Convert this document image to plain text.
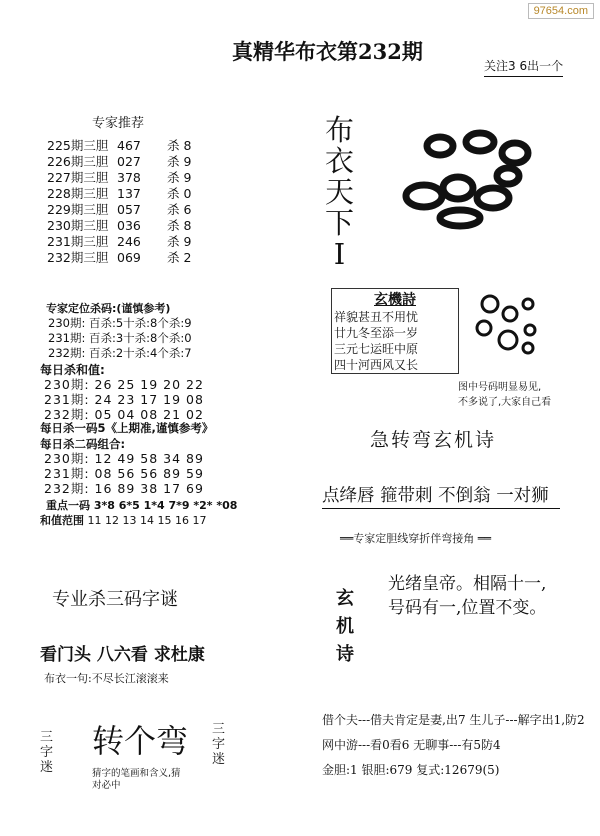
97654.com
真精华布衣第232期
关注3 6出一个
专家推荐
225期三胆 467 杀 8
226期三胆 027 杀 9
227期三胆 378 杀 9
228期三胆 137 杀 0
229期三胆 057 杀 6
230期三胆 036 杀 8
231期三胆 246 杀 9
232期三胆 069 杀 2
布
衣
天
下
I
玄機詩
祥貌甚丑不用忧
廿九冬至添一岁
三元七运旺中原
四十河西风又长
图中号码明显易见,
不多说了,大家自己看
专家定位杀码:(谨慎参考)
230期: 百杀:5十杀:8个杀:9
231期: 百杀:3十杀:8个杀:0
232期: 百杀:2十杀:4个杀:7
每日杀和值:
230期: 26 25 19 20 22
231期: 24 23 17 19 08
232期: 05 04 08 21 02
每日杀一码5《上期准,谨慎参考》
每日杀二码组合:
230期: 12 49 58 34 89
231期: 08 56 56 89 59
232期: 16 89 38 17 69
重点一码 3*8 6*5 1*4 7*9 *2* *08
和值范围 11 12 13 14 15 16 17
急转弯玄机诗
点绛唇 箍带刺 不倒翁 一对狮
══专家定胆线穿折伴弯接角 ══
玄
机
诗
光绪皇帝。相隔十一,
号码有一,位置不变。
借个夫---借夫肯定是妻,出7 生儿子---解字出1,防2
网中游---看0看6 无聊事---有5防4
金胆:1 银胆:679 复式:12679(5)
专业杀三码字谜
看门头 八六看 求杜康
布衣一句:不尽长江滚滚来
三
字
迷
转个弯 三
字
迷
猜字的笔画和含义,猜
对必中
